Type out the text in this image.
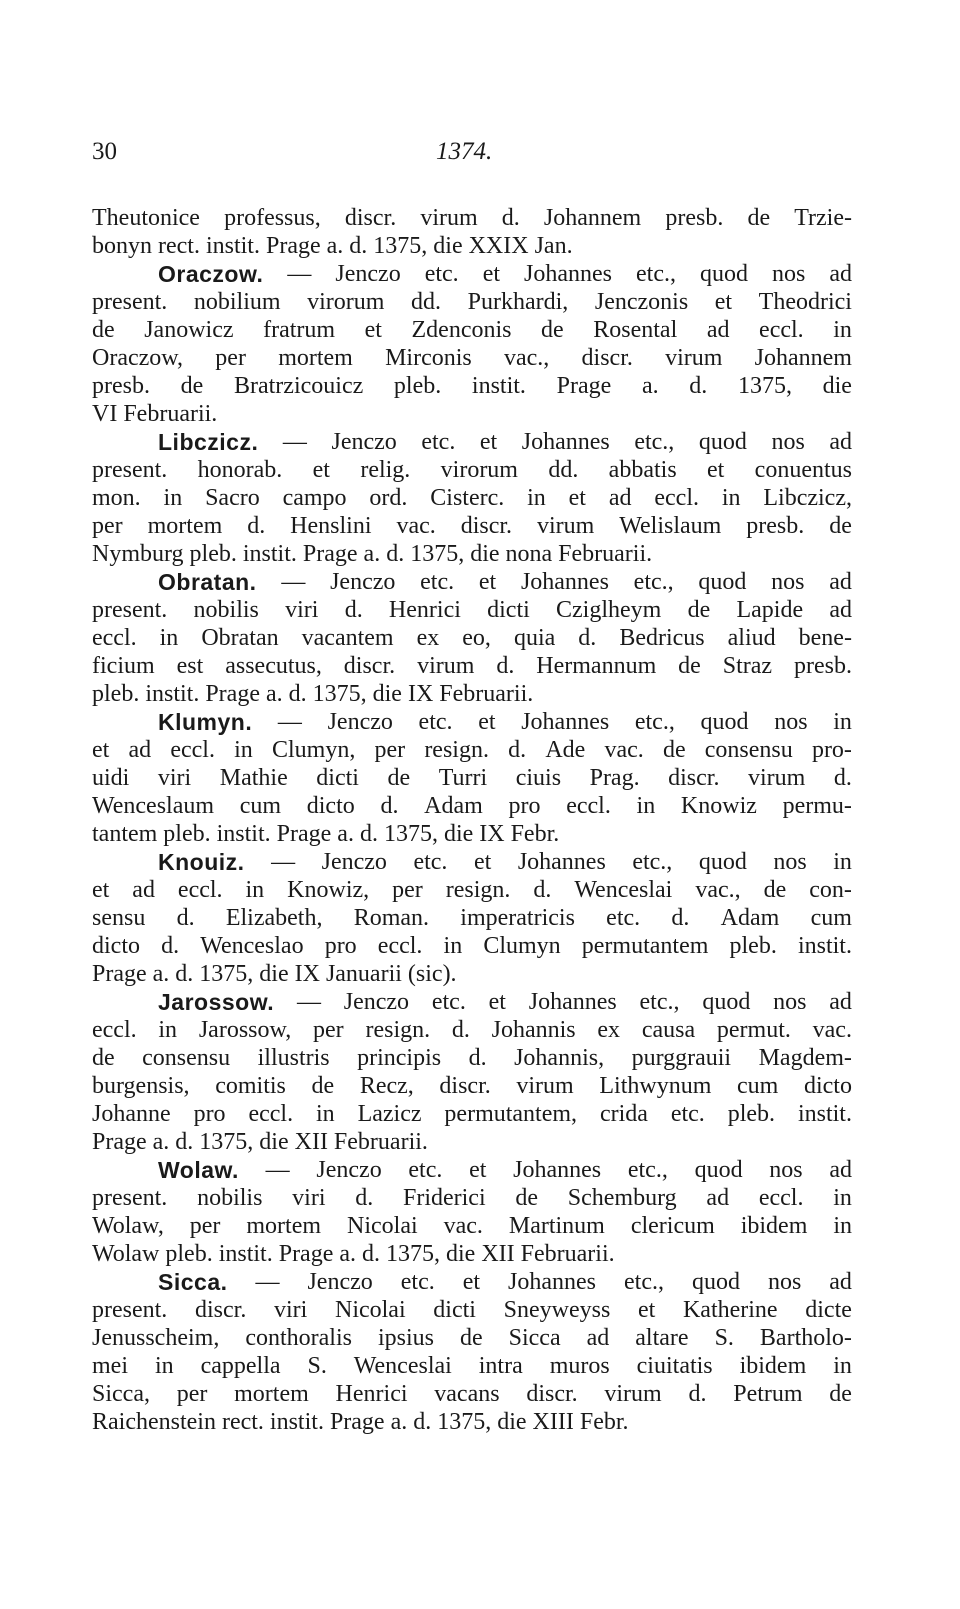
30	1374.
Theutonice professus, discr. virum d. Johannem presb. de Trzie-
bonyn rect. instit. Prage a. d. 1375, die XXIX Jan.
Oraczow. — Jenczo etc. et Johannes etc., quod nos ad
present. nobilium virorum dd. Purkhardi, Jenczonis et Theodrici
de Janowicz fratrum et Zdenconis de Rosental ad eccl. in
Oraczow, per mortem Mirconis vac., discr. virum Johannem
presb. de Bratrzicouicz pleb. instit. Prage a. d. 1375, die
VI Februarii.
Libczicz. — Jenczo etc. et Johannes etc., quod nos ad
present. honorab. et relig. virorum dd. abbatis et conuentus
mon. in Sacro campo ord. Cisterc. in et ad eccl. in Libczicz,
per mortem d. Henslini vac. discr. virum Welislaum presb. de
Nymburg pleb. instit. Prage a. d. 1375, die nona Februarii.
Obratan. — Jenczo etc. et Johannes etc., quod nos ad
present. nobilis viri d. Henrici dicti Cziglheym de Lapide ad
eccl. in Obratan vacantem ex eo, quia d. Bedricus aliud bene-
ficium est assecutus, discr. virum d. Hermannum de Straz presb.
pleb. instit. Prage a. d. 1375, die IX Februarii.
Klumyn. — Jenczo etc. et Johannes etc., quod nos in
et ad eccl. in Clumyn, per resign. d. Ade vac. de consensu pro-
uidi viri Mathie dicti de Turri ciuis Prag. discr. virum d.
Wenceslaum cum dicto d. Adam pro eccl. in Knowiz permu-
tantem pleb. instit. Prage a. d. 1375, die IX Febr.
Knouiz. — Jenczo etc. et Johannes etc., quod nos in
et ad eccl. in Knowiz, per resign. d. Wenceslai vac., de con-
sensu d. Elizabeth, Roman. imperatricis etc. d. Adam cum
dicto d. Wenceslao pro eccl. in Clumyn permutantem pleb. instit.
Prage a. d. 1375, die IX Januarii (sic).
Jarossow. — Jenczo etc. et Johannes etc., quod nos ad
eccl. in Jarossow, per resign. d. Johannis ex causa permut. vac.
de consensu illustris principis d. Johannis, purggrauii Magdem-
burgensis, comitis de Recz, discr. virum Lithwynum cum dicto
Johanne pro eccl. in Lazicz permutantem, crida etc. pleb. instit.
Prage a. d. 1375, die XII Februarii.
Wolaw. — Jenczo etc. et Johannes etc., quod nos ad
present. nobilis viri d. Friderici de Schemburg ad eccl. in
Wolaw, per mortem Nicolai vac. Martinum clericum ibidem in
Wolaw pleb. instit. Prage a. d. 1375, die XII Februarii.
Sicca. — Jenczo etc. et Johannes etc., quod nos ad
present. discr. viri Nicolai dicti Sneyweyss et Katherine dicte
Jenusscheim, conthoralis ipsius de Sicca ad altare S. Bartholo-
mei in cappella S. Wenceslai intra muros ciuitatis ibidem in
Sicca, per mortem Henrici vacans discr. virum d. Petrum de
Raichenstein rect. instit. Prage a. d. 1375, die XIII Febr.
